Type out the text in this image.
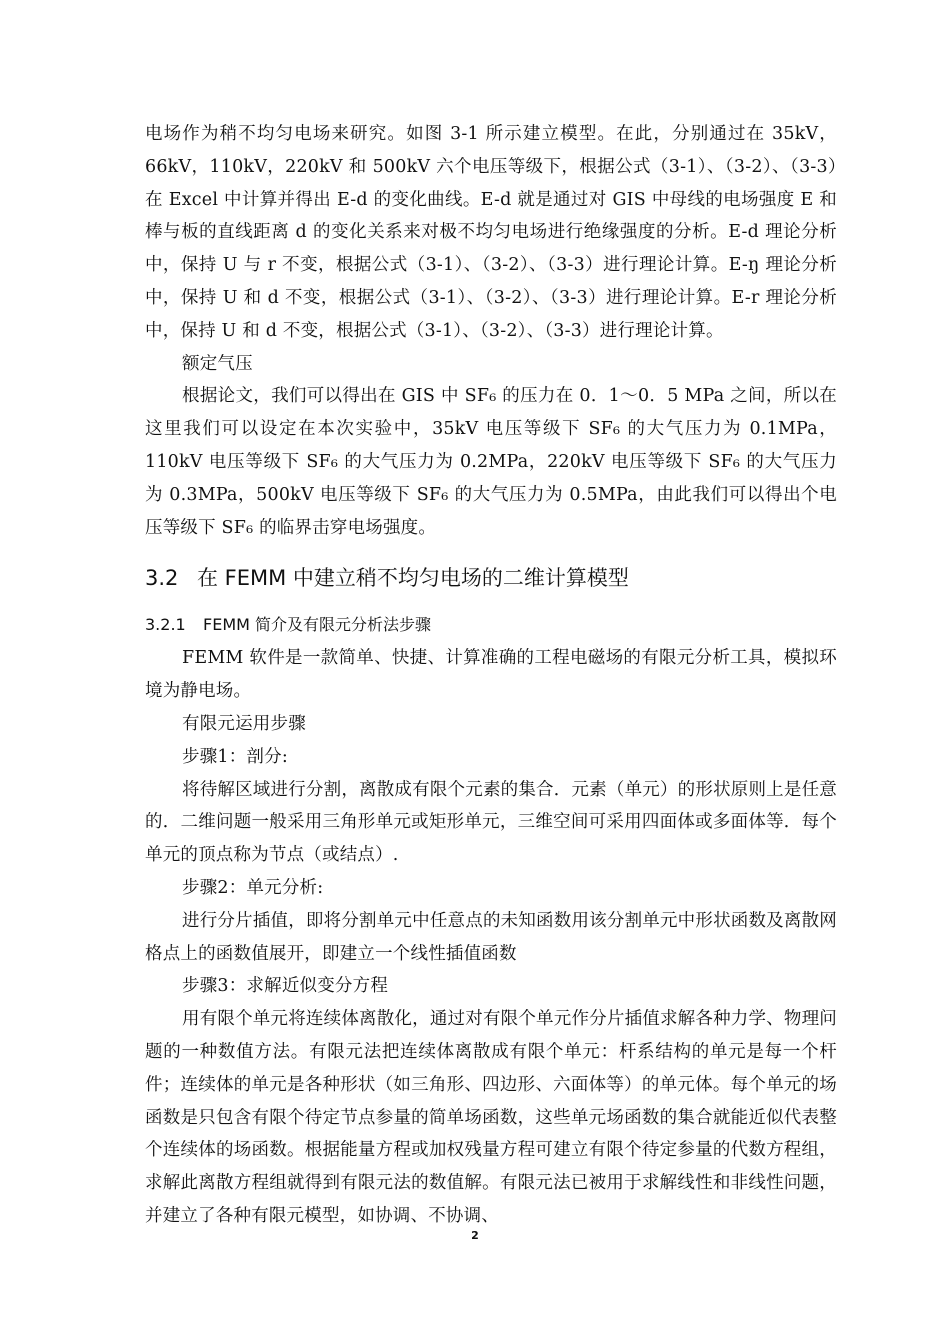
电场作为稍不均匀电场来研究。如图 3-1 所示建立模型。在此，分别通过在 35kV，66kV，110kV，220kV 和 500kV 六个电压等级下，根据公式（3-1）、（3-2）、（3-3）在 Excel 中计算并得出 E-d 的变化曲线。E-d 就是通过对 GIS 中母线的电场强度 E 和棒与板的直线距离 d 的变化关系来对极不均匀电场进行绝缘强度的分析。E-d 理论分析中，保持 U 与 r 不变，根据公式（3-1）、（3-2）、（3-3）进行理论计算。E-ŋ 理论分析中，保持 U 和 d 不变，根据公式（3-1）、（3-2）、（3-3）进行理论计算。E-r 理论分析中，保持 U 和 d 不变，根据公式（3-1）、（3-2）、（3-3）进行理论计算。

额定气压

根据论文，我们可以得出在 GIS 中 SF₆ 的压力在 0．1～0．5 MPa 之间，所以在这里我们可以设定在本次实验中，35kV 电压等级下 SF₆ 的大气压力为 0.1MPa，110kV 电压等级下 SF₆ 的大气压力为 0.2MPa，220kV 电压等级下 SF₆ 的大气压力为 0.3MPa，500kV 电压等级下 SF₆ 的大气压力为 0.5MPa，由此我们可以得出个电压等级下 SF₆ 的临界击穿电场强度。

3.2 在 FEMM 中建立稍不均匀电场的二维计算模型
3.2.1 FEMM 简介及有限元分析法步骤

FEMM 软件是一款简单、快捷、计算准确的工程电磁场的有限元分析工具，模拟环境为静电场。

有限元运用步骤

步骤1：剖分:

将待解区域进行分割，离散成有限个元素的集合．元素（单元）的形状原则上是任意的．二维问题一般采用三角形单元或矩形单元，三维空间可采用四面体或多面体等．每个单元的顶点称为节点（或结点）.

步骤2：单元分析:

进行分片插值，即将分割单元中任意点的未知函数用该分割单元中形状函数及离散网格点上的函数值展开，即建立一个线性插值函数

步骤3：求解近似变分方程

用有限个单元将连续体离散化，通过对有限个单元作分片插值求解各种力学、物理问题的一种数值方法。有限元法把连续体离散成有限个单元：杆系结构的单元是每一个杆件；连续体的单元是各种形状（如三角形、四边形、六面体等）的单元体。每个单元的场函数是只包含有限个待定节点参量的简单场函数，这些单元场函数的集合就能近似代表整个连续体的场函数。根据能量方程或加权残量方程可建立有限个待定参量的代数方程组，求解此离散方程组就得到有限元法的数值解。有限元法已被用于求解线性和非线性问题，并建立了各种有限元模型，如协调、不协调、

2
